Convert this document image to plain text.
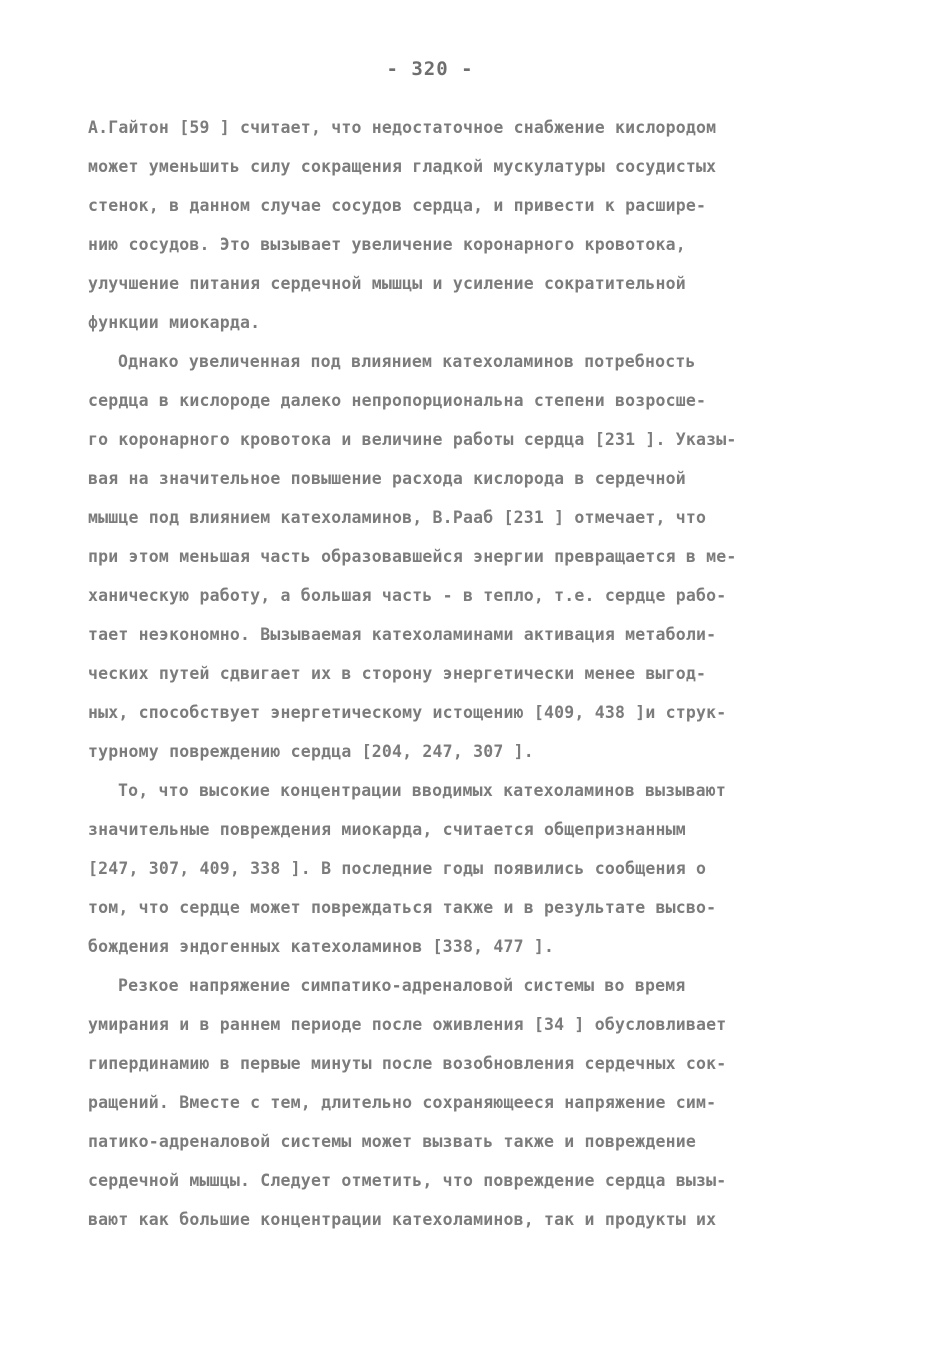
- 320 -
А.Гайтон [59 ] считает, что недостаточное снабжение кислородом
может уменьшить силу сокращения гладкой мускулатуры сосудистых
стенок, в данном случае сосудов сердца, и привести к расшире-
нию сосудов. Это вызывает увеличение коронарного кровотока,
улучшение питания сердечной мышцы и усиление сократительной
функции миокарда.
Однако увеличенная под влиянием катехоламинов потребность
сердца в кислороде далеко непропорциональна степени возросше-
го коронарного кровотока и величине работы сердца [231 ]. Указы-
вая на значительное повышение расхода кислорода в сердечной
мышце под влиянием катехоламинов, В.Рааб [231 ] отмечает, что
при этом меньшая часть образовавшейся энергии превращается в ме-
ханическую работу, а большая часть - в тепло, т.е. сердце рабо-
тает неэкономно. Вызываемая катехоламинами активация метаболи-
ческих путей сдвигает их в сторону энергетически менее выгод-
ных, способствует энергетическому истощению [409, 438 ]и струк-
турному повреждению сердца [204, 247, 307 ].
То, что высокие концентрации вводимых катехоламинов вызывают
значительные повреждения миокарда, считается общепризнанным
[247, 307, 409, 338 ]. В последние годы появились сообщения о
том, что сердце может повреждаться также и в результате высво-
бождения эндогенных катехоламинов [338, 477 ].
Резкое напряжение симпатико-адреналовой системы во время
умирания и в раннем периоде после оживления [34 ] обусловливает
гипердинамию в первые минуты после возобновления сердечных сок-
ращений. Вместе с тем, длительно сохраняющееся напряжение сим-
патико-адреналовой системы может вызвать также и повреждение
сердечной мышцы. Следует отметить, что повреждение сердца вызы-
вают как большие концентрации катехоламинов, так и продукты их
